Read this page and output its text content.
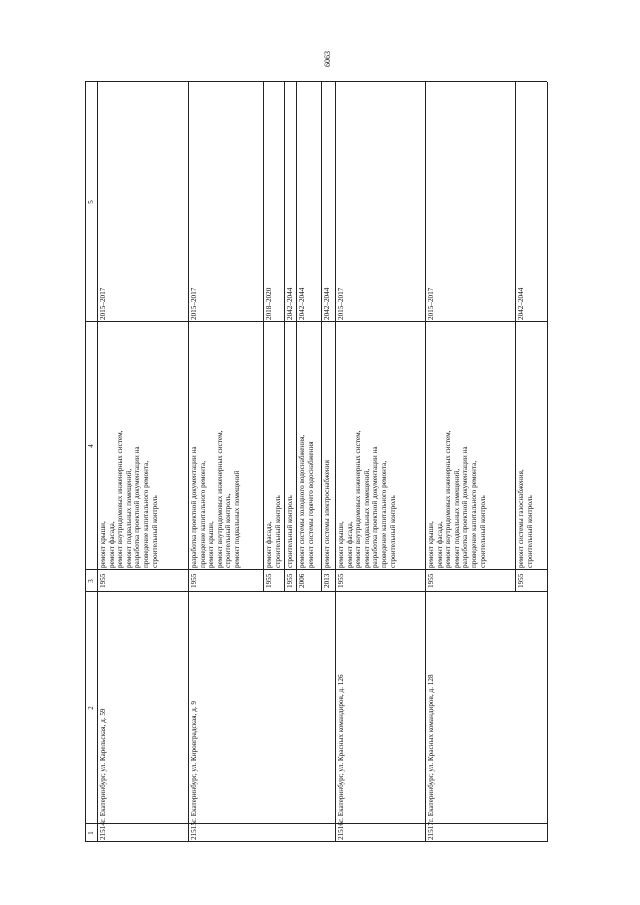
6063
1
2
3
4
5
21514.
г. Екатеринбург, ул. Карельская, д. 59
1955
ремонт крыши,
ремонт фасада,
ремонт внутридомовых инженерных систем,
ремонт подвальных помещений,
разработка проектной документации на
проведение капитального ремонта,
строительный контроль
2015–2017
21515.
г. Екатеринбург, ул. Кировградская, д. 9
1955
разработка проектной документации на
проведение капитального ремонта,
ремонт крыши,
ремонт внутридомовых инженерных систем,
строительный контроль,
ремонт подвальных помещений
2015–2017
1955
ремонт фасада,
строительный контроль
2018–2020
1955
строительный контроль
2042–2044
2006
ремонт системы холодного водоснабжения,
ремонт системы горячего водоснабжения
2042–2044
2013
ремонт системы электроснабжения
2042–2044
21516.
г. Екатеринбург, ул. Красных командиров, д. 126
1955
ремонт крыши,
ремонт фасада,
ремонт внутридомовых инженерных систем,
ремонт подвальных помещений,
разработка проектной документации на
проведение капитального ремонта,
строительный контроль
2015–2017
21517.
г. Екатеринбург, ул. Красных командиров, д. 128
1955
ремонт крыши,
ремонт фасада,
ремонт внутридомовых инженерных систем,
ремонт подвальных помещений,
разработка проектной документации на
проведение капитального ремонта,
строительный контроль
2015–2017
1955
ремонт системы газоснабжения,
строительный контроль
2042–2044
